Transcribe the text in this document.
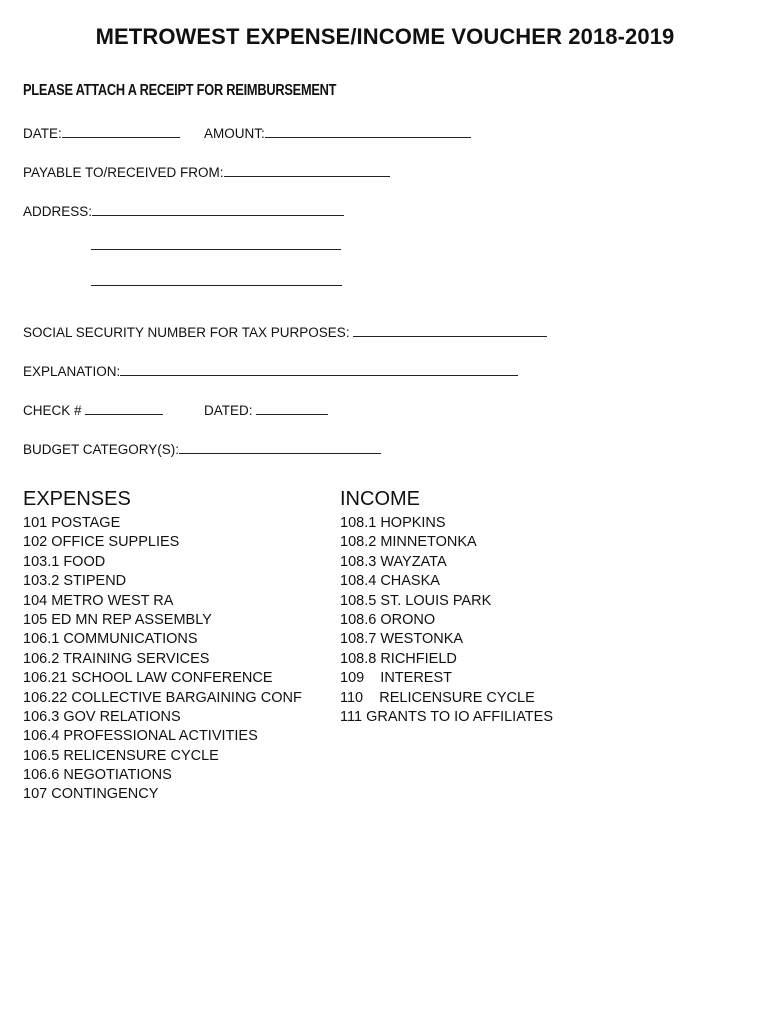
METROWEST EXPENSE/INCOME VOUCHER 2018-2019
PLEASE ATTACH A RECEIPT FOR REIMBURSEMENT
DATE:	AMOUNT:
PAYABLE TO/RECEIVED FROM:
ADDRESS:
SOCIAL SECURITY NUMBER FOR TAX PURPOSES:
EXPLANATION:
CHECK #	DATED:
BUDGET CATEGORY(S):
EXPENSES
101 POSTAGE
102 OFFICE SUPPLIES
103.1 FOOD
103.2 STIPEND
104 METRO WEST RA
105 ED MN REP ASSEMBLY
106.1 COMMUNICATIONS
106.2 TRAINING SERVICES
106.21 SCHOOL LAW CONFERENCE
106.22 COLLECTIVE BARGAINING CONF
106.3 GOV RELATIONS
106.4 PROFESSIONAL ACTIVITIES
106.5 RELICENSURE CYCLE
106.6 NEGOTIATIONS
107 CONTINGENCY
INCOME
108.1 HOPKINS
108.2 MINNETONKA
108.3 WAYZATA
108.4 CHASKA
108.5 ST. LOUIS PARK
108.6 ORONO
108.7 WESTONKA
108.8 RICHFIELD
109    INTEREST
110    RELICENSURE CYCLE
111 GRANTS TO IO AFFILIATES
